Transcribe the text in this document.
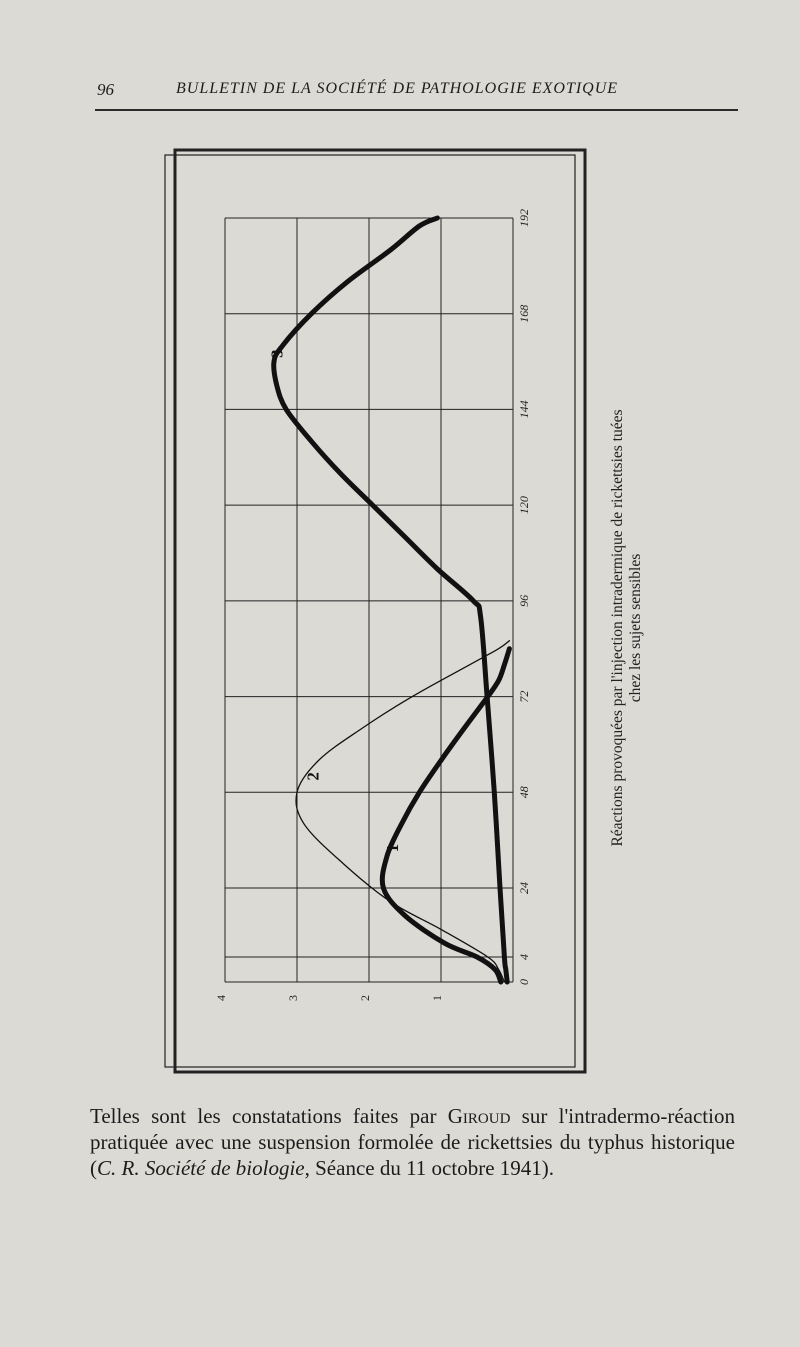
96	BULLETIN DE LA SOCIÉTÉ DE PATHOLOGIE EXOTIQUE
0
4
24
48
72
96
120
144
168
192
1
2
3
4
1
2
3
Réactions provoquées par l'injection intradermique de rickettsies tuées chez les sujets sensibles
Telles sont les constatations faites par Giroud sur l'intradermo-réaction pratiquée avec une suspension formolée de rickettsies du typhus historique (C. R. Société de biologie, Séance du 11 octobre 1941).
